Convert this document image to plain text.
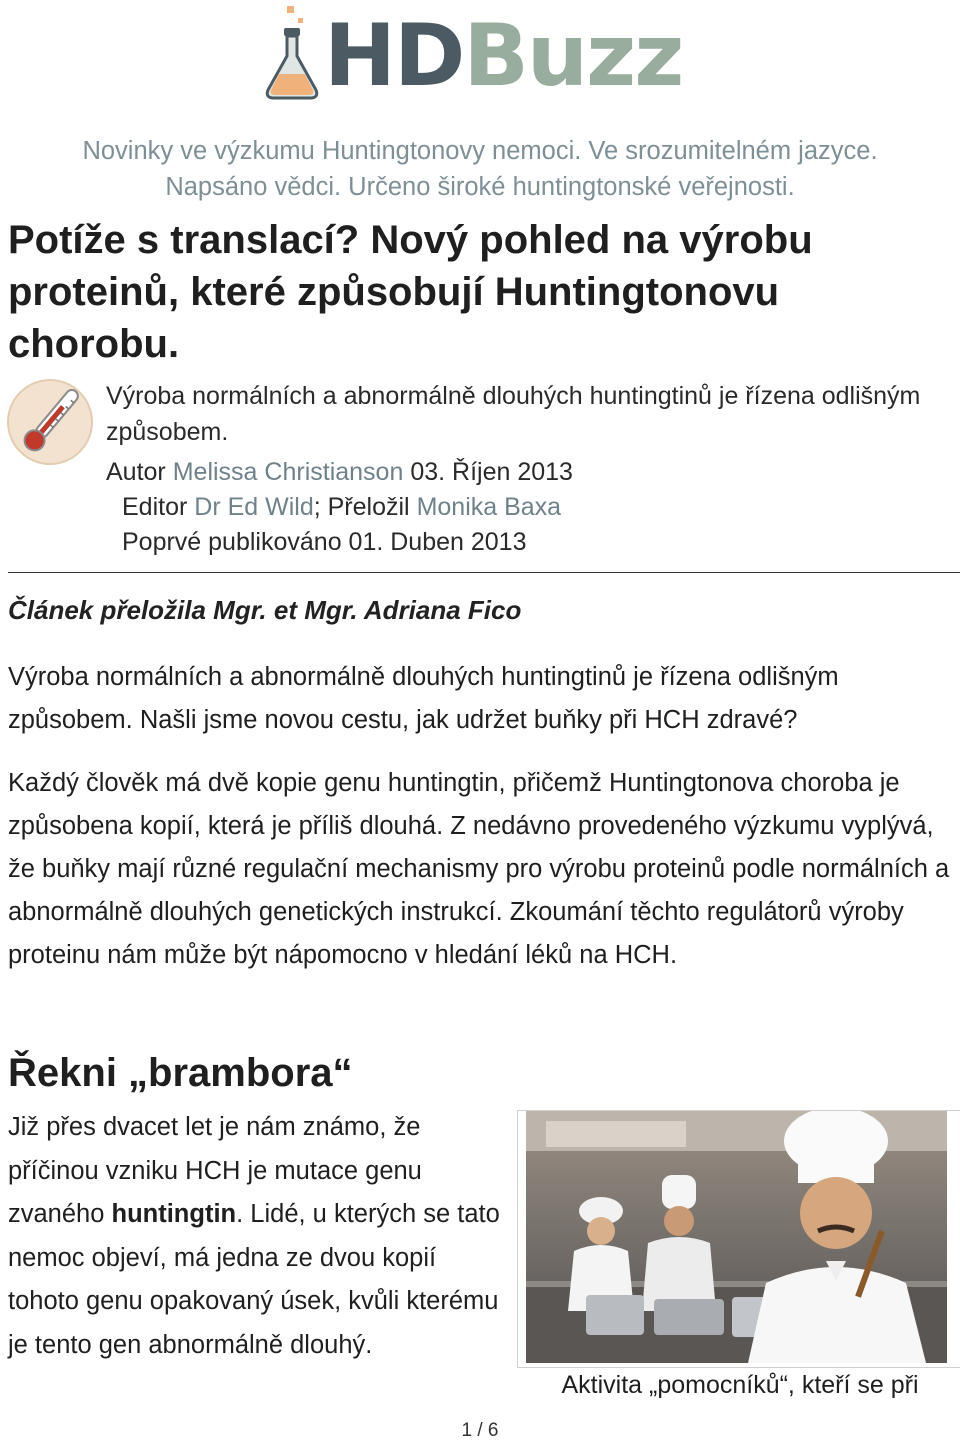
HDBuzz
Novinky ve výzkumu Huntingtonovy nemoci. Ve srozumitelném jazyce.
Napsáno vědci. Určeno široké huntingtonské veřejnosti.
Potíže s translací? Nový pohled na výrobu proteinů, které způsobují Huntingtonovu chorobu.
Výroba normálních a abnormálně dlouhých huntingtinů je řízena odlišným způsobem.
Autor Melissa Christianson 03. Říjen 2013
Editor Dr Ed Wild; Přeložil Monika Baxa
Poprvé publikováno 01. Duben 2013
Článek přeložila Mgr. et Mgr. Adriana Fico

Výroba normálních a abnormálně dlouhých huntingtinů je řízena odlišným způsobem. Našli jsme novou cestu, jak udržet buňky při HCH zdravé?

Každý člověk má dvě kopie genu huntingtin, přičemž Huntingtonova choroba je způsobena kopií, která je příliš dlouhá. Z nedávno provedeného výzkumu vyplývá, že buňky mají různé regulační mechanismy pro výrobu proteinů podle normálních a abnormálně dlouhých genetických instrukcí. Zkoumání těchto regulátorů výroby proteinu nám může být nápomocno v hledání léků na HCH.

Řekni „brambora“

Již přes dvacet let je nám známo, že příčinou vzniku HCH je mutace genu zvaného huntingtin. Lidé, u kterých se tato nemoc objeví, má jedna ze dvou kopií tohoto genu opakovaný úsek, kvůli kterému je tento gen abnormálně dlouhý.

Aktivita „pomocníků“, kteří se při
1 / 6
